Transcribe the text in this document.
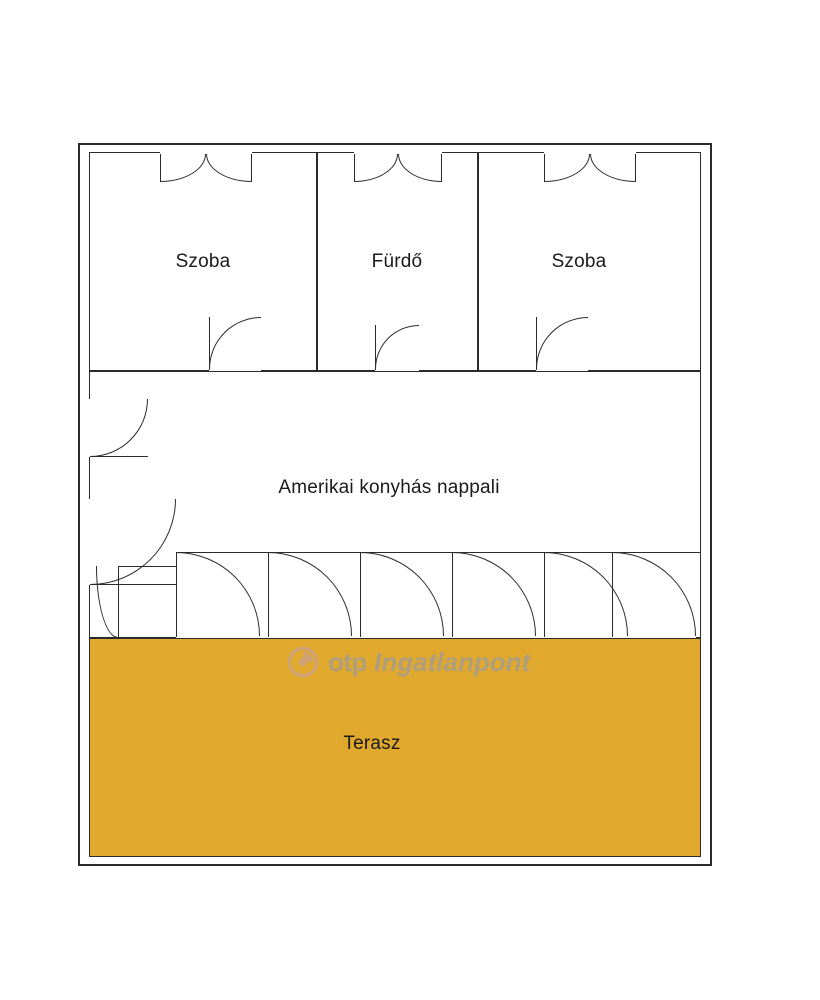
Szoba	Fürdő	Szoba
Amerikai konyhás nappali
Terasz
otp Ingatlanpont
